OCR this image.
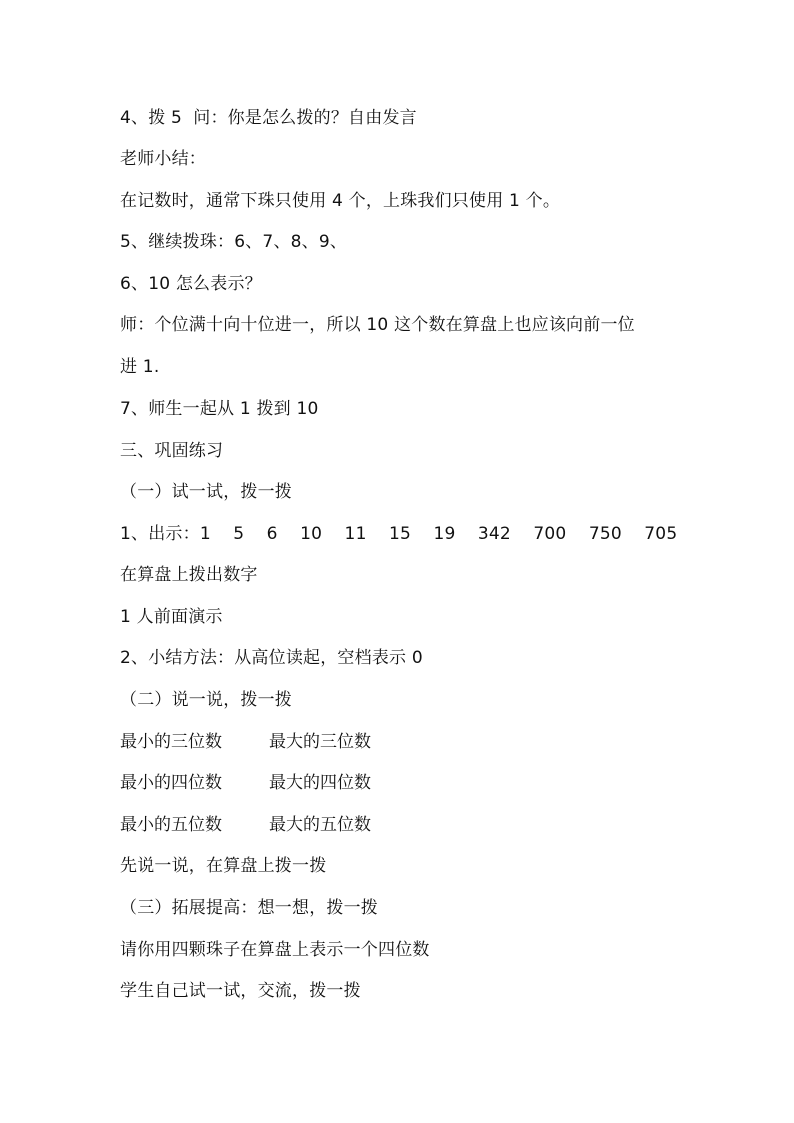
4、拨 5  问：你是怎么拨的？自由发言
老师小结：
在记数时，通常下珠只使用 4 个，上珠我们只使用 1 个。
5、继续拨珠：6、7、8、9、
6、10 怎么表示？
师：个位满十向十位进一，所以 10 这个数在算盘上也应该向前一位
进 1.
7、师生一起从 1 拨到 10
三、巩固练习
（一）试一试，拨一拨
1、出示：1    5    6    10    11    15    19    342    700    750    705
在算盘上拨出数字
1 人前面演示
2、小结方法：从高位读起，空档表示 0
（二）说一说，拨一拨
最小的三位数	最大的三位数
最小的四位数	最大的四位数
最小的五位数	最大的五位数
先说一说，在算盘上拨一拨
（三）拓展提高：想一想，拨一拨
请你用四颗珠子在算盘上表示一个四位数
学生自己试一试，交流，拨一拨
